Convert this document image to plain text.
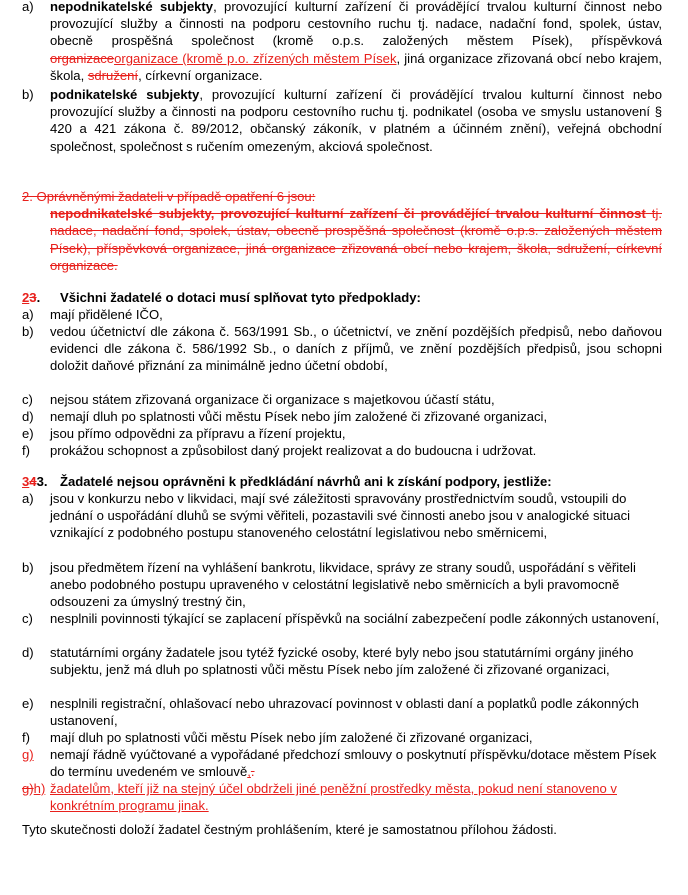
a) nepodnikatelské subjekty, provozující kulturní zařízení či provádějící trvalou kulturní činnost nebo provozující služby a činnosti na podporu cestovního ruchu tj. nadace, nadační fond, spolek, ústav, obecně prospěšná společnost (kromě o.p.s. založených městem Písek), příspěvková organizaceorganizace (kromě p.o. zřízených městem Písek, jiná organizace zřizovaná obcí nebo krajem, škola, sdružení, církevní organizace.
b) podnikatelské subjekty, provozující kulturní zařízení či provádějící trvalou kulturní činnost nebo provozující služby a činnosti na podporu cestovního ruchu tj. podnikatel (osoba ve smyslu ustanovení § 420 a 421 zákona č. 89/2012, občanský zákoník, v platném a účinném znění), veřejná obchodní společnost, společnost s ručením omezeným, akciová společnost.
2. Oprávněnými žadateli v případě opatření 6 jsou:
nepodnikatelské subjekty, provozující kulturní zařízení či provádějící trvalou kulturní činnost tj. nadace, nadační fond, spolek, ústav, obecně prospěšná společnost (kromě o.p.s. založených městem Písek), příspěvková organizace, jiná organizace zřizovaná obcí nebo krajem, škola, sdružení, církevní organizace.
23. Všichni žadatelé o dotaci musí splňovat tyto předpoklady:
a) mají přidělené IČO,
b) vedou účetnictví dle zákona č. 563/1991 Sb., o účetnictví, ve znění pozdějších předpisů, nebo daňovou evidenci dle zákona č. 586/1992 Sb., o daních z příjmů, ve znění pozdějších předpisů, jsou schopni doložit daňové přiznání za minimálně jedno účetní období,
c) nejsou státem zřizovaná organizace či organizace s majetkovou účastí státu,
d) nemají dluh po splatnosti vůči městu Písek nebo jím založené či zřizované organizaci,
e) jsou přímo odpovědni za přípravu a řízení projektu,
f) prokážou schopnost a způsobilost daný projekt realizovat a do budoucna i udržovat.
343. Žadatelé nejsou oprávněni k předkládání návrhů ani k získání podpory, jestliže:
a) jsou v konkurzu nebo v likvidaci, mají své záležitosti spravovány prostřednictvím soudů, vstoupili do jednání o uspořádání dluhů se svými věřiteli, pozastavili své činnosti anebo jsou v analogické situaci vznikající z podobného postupu stanoveného celostátní legislativou nebo směrnicemi,
b) jsou předmětem řízení na vyhlášení bankrotu, likvidace, správy ze strany soudů, uspořádání s věřiteli anebo podobného postupu upraveného v celostátní legislativě nebo směrnicích a byli pravomocně odsouzeni za úmyslný trestný čin,
c) nesplnili povinnosti týkající se zaplacení příspěvků na sociální zabezpečení podle zákonných ustanovení,
d) statutárními orgány žadatele jsou tytéž fyzické osoby, které byly nebo jsou statutárními orgány jiného subjektu, jenž má dluh po splatnosti vůči městu Písek nebo jím založené či zřizované organizaci,
e) nesplnili registrační, ohlašovací nebo uhrazovací povinnost v oblasti daní a poplatků podle zákonných ustanovení,
f) mají dluh po splatnosti vůči městu Písek nebo jím založené či zřizované organizaci,
g) nemají řádně vyúčtované a vypořádané předchozí smlouvy o poskytnutí příspěvku/dotace městem Písek do termínu uvedeném ve smlouvě,.
g)h) žadatelům, kteří již na stejný účel obdrželi jiné peněžní prostředky města, pokud není stanoveno v konkrétním programu jinak.
Tyto skutečnosti doloží žadatel čestným prohlášením, které je samostatnou přílohou žádosti.
